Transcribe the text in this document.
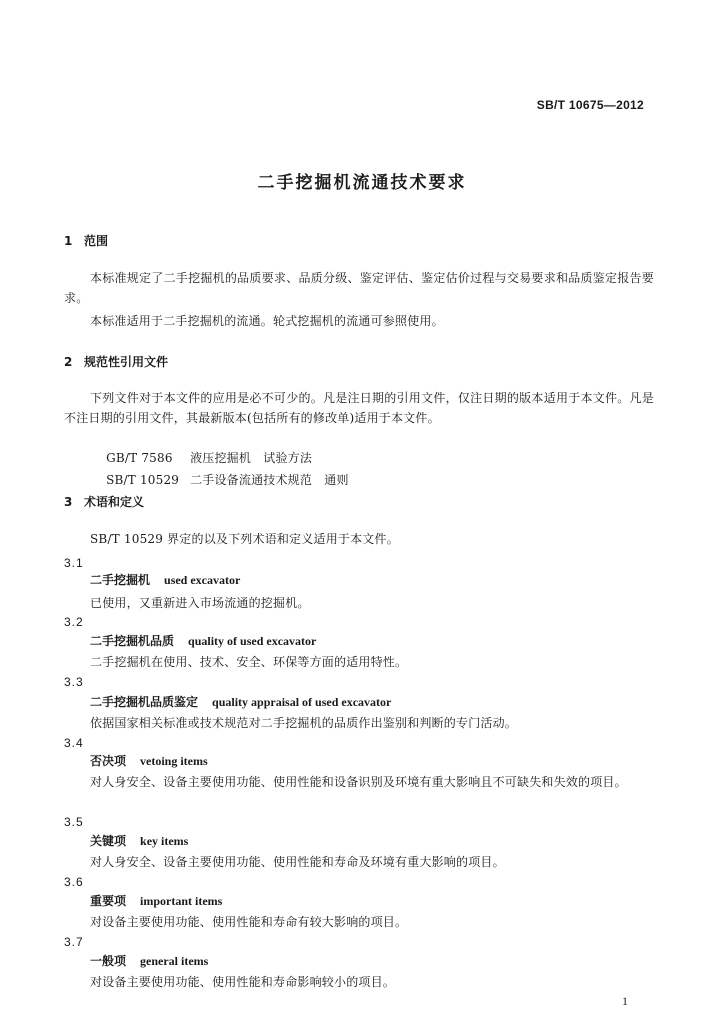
SB/T 10675—2012
二手挖掘机流通技术要求
1 范围
本标准规定了二手挖掘机的品质要求、品质分级、鉴定评估、鉴定估价过程与交易要求和品质鉴定报告要求。
本标准适用于二手挖掘机的流通。轮式挖掘机的流通可参照使用。
2 规范性引用文件
下列文件对于本文件的应用是必不可少的。凡是注日期的引用文件，仅注日期的版本适用于本文件。凡是不注日期的引用文件，其最新版本(包括所有的修改单)适用于本文件。

GB/T 7586 液压挖掘机　试验方法

SB/T 10529 二手设备流通技术规范　通则

3 术语和定义
SB/T 10529 界定的以及下列术语和定义适用于本文件。
3.1
二手挖掘机 used excavator
已使用，又重新进入市场流通的挖掘机。
3.2
二手挖掘机品质 quality of used excavator
二手挖掘机在使用、技术、安全、环保等方面的适用特性。
3.3
二手挖掘机品质鉴定 quality appraisal of used excavator
依据国家相关标准或技术规范对二手挖掘机的品质作出鉴别和判断的专门活动。
3.4
否决项 vetoing items
对人身安全、设备主要使用功能、使用性能和设备识别及环境有重大影响且不可缺失和失效的项目。
3.5
关键项 key items
对人身安全、设备主要使用功能、使用性能和寿命及环境有重大影响的项目。
3.6
重要项 important items
对设备主要使用功能、使用性能和寿命有较大影响的项目。
3.7
一般项 general items
对设备主要使用功能、使用性能和寿命影响较小的项目。
1
